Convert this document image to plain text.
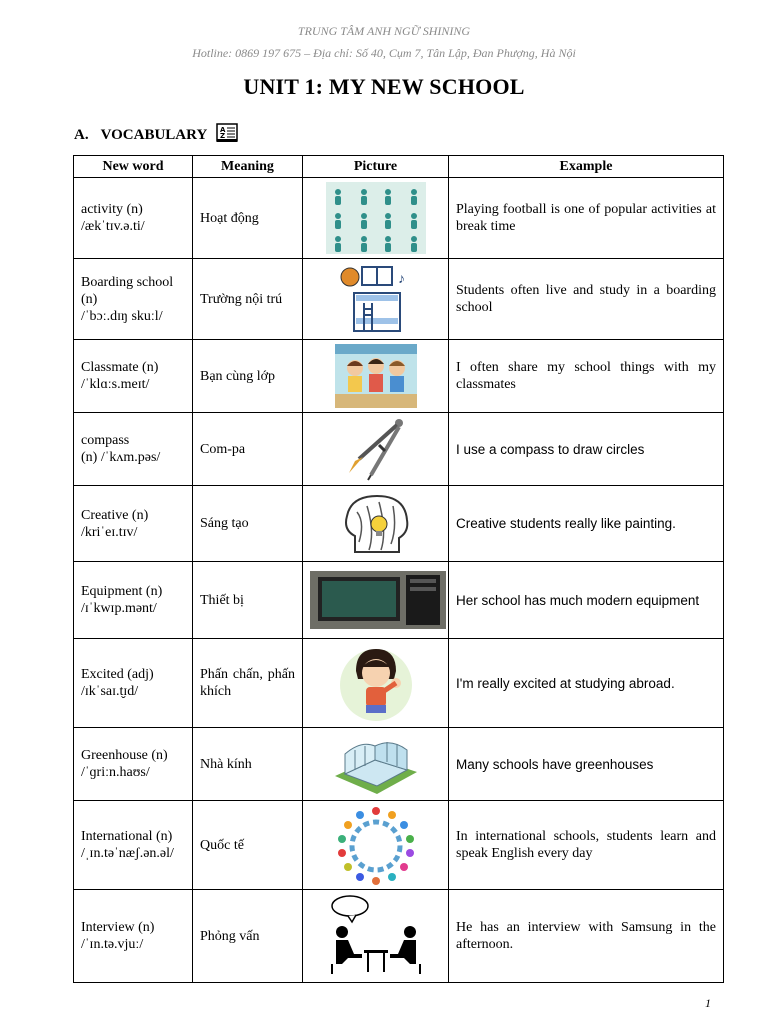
TRUNG TÂM ANH NGỮ SHINING
Hotline: 0869 197 675 – Địa chỉ: Số 40, Cụm 7, Tân Lập, Đan Phượng, Hà Nội
UNIT 1: MY NEW SCHOOL
A. VOCABULARY A
Z
New word	Meaning	Picture	Example
activity (n)
/ækˈtɪv.ə.ti/	Hoạt động		Playing football is one of popular activities at break time
Boarding school (n)
/ˈbɔː.dɪŋ skuːl/	Trường nội trú	♪	Students often live and study in a boarding school
Classmate (n)
/ˈklɑːs.meɪt/	Bạn cùng lớp		I often share my school things with my classmates
compass
(n) /ˈkʌm.pəs/	Com-pa		I use a compass to draw circles
Creative (n)
/kriˈeɪ.tɪv/	Sáng tạo		Creative students really like painting.
Equipment (n)
/ɪˈkwɪp.mənt/	Thiết bị		Her school has much modern equipment
Excited (adj)
/ɪkˈsaɪ.t̬ɪd/	Phấn chấn, phấn khích		I'm really excited at studying abroad.
Greenhouse (n)
/ˈɡriːn.haʊs/	Nhà kính		Many schools have greenhouses
International (n)
/ˌɪn.təˈnæʃ.ən.əl/	Quốc tế		In international schools, students learn and speak English every day
Interview (n)
/ˈɪn.tə.vjuː/	Phỏng vấn		He has an interview with Samsung in the afternoon.
1
